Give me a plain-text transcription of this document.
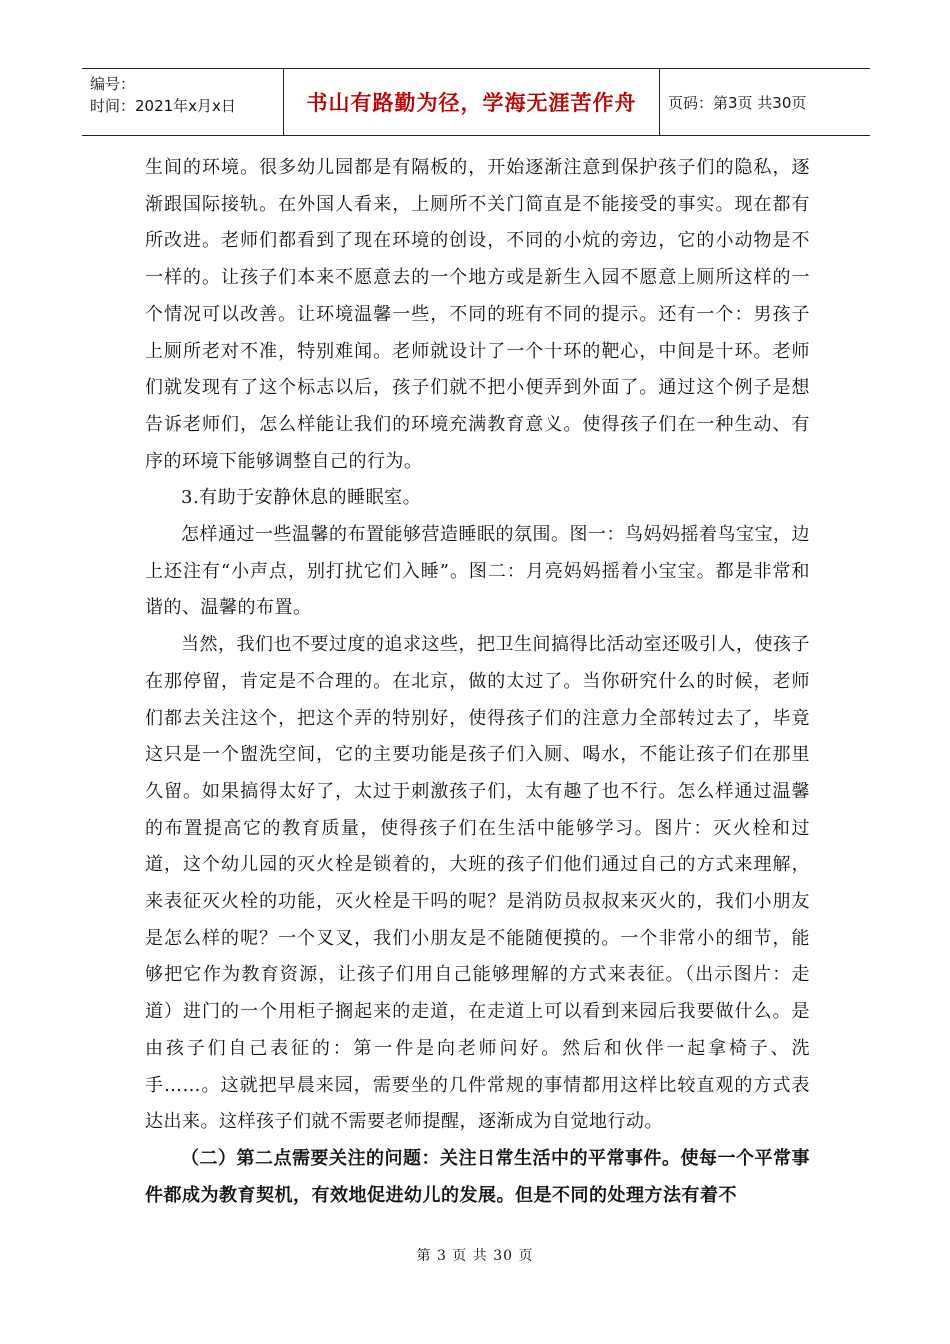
编号：
时间：2021年x月x日	书山有路勤为径，学海无涯苦作舟	页码：第3页 共30页

生间的环境。很多幼儿园都是有隔板的，开始逐渐注意到保护孩子们的隐私，逐渐跟国际接轨。在外国人看来，上厕所不关门简直是不能接受的事实。现在都有所改进。老师们都看到了现在环境的创设，不同的小炕的旁边，它的小动物是不一样的。让孩子们本来不愿意去的一个地方或是新生入园不愿意上厕所这样的一个情况可以改善。让环境温馨一些，不同的班有不同的提示。还有一个：男孩子上厕所老对不准，特别难闻。老师就设计了一个十环的靶心，中间是十环。老师们就发现有了这个标志以后，孩子们就不把小便弄到外面了。通过这个例子是想告诉老师们，怎么样能让我们的环境充满教育意义。使得孩子们在一种生动、有序的环境下能够调整自己的行为。

3.有助于安静休息的睡眠室。

怎样通过一些温馨的布置能够营造睡眠的氛围。图一：鸟妈妈摇着鸟宝宝，边上还注有“小声点，别打扰它们入睡”。图二：月亮妈妈摇着小宝宝。都是非常和谐的、温馨的布置。

当然，我们也不要过度的追求这些，把卫生间搞得比活动室还吸引人，使孩子在那停留，肯定是不合理的。在北京，做的太过了。当你研究什么的时候，老师们都去关注这个，把这个弄的特别好，使得孩子们的注意力全部转过去了，毕竟这只是一个盥洗空间，它的主要功能是孩子们入厕、喝水，不能让孩子们在那里久留。如果搞得太好了，太过于刺激孩子们，太有趣了也不行。怎么样通过温馨的布置提高它的教育质量，使得孩子们在生活中能够学习。图片：灭火栓和过道，这个幼儿园的灭火栓是锁着的，大班的孩子们他们通过自己的方式来理解，来表征灭火栓的功能，灭火栓是干吗的呢？是消防员叔叔来灭火的，我们小朋友是怎么样的呢？一个叉叉，我们小朋友是不能随便摸的。一个非常小的细节，能够把它作为教育资源，让孩子们用自己能够理解的方式来表征。（出示图片：走道）进门的一个用柜子搁起来的走道，在走道上可以看到来园后我要做什么。是由孩子们自己表征的：第一件是向老师问好。然后和伙伴一起拿椅子、洗手……。这就把早晨来园，需要坐的几件常规的事情都用这样比较直观的方式表达出来。这样孩子们就不需要老师提醒，逐渐成为自觉地行动。

（二）第二点需要关注的问题：关注日常生活中的平常事件。使每一个平常事件都成为教育契机，有效地促进幼儿的发展。但是不同的处理方法有着不

第 3 页 共 30 页
